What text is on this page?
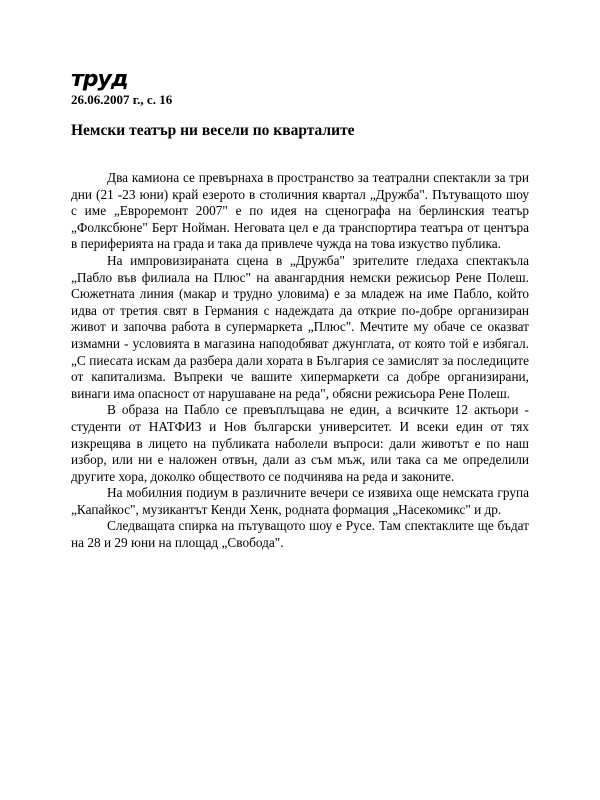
труд
26.06.2007 г., с. 16
Немски театър ни весели по кварталите

Два камиона се превърнаха в пространство за театрални спектакли за три дни (21 -23 юни) край езерото в столичния квартал „Дружба". Пътуващото шоу с име „Евроремонт 2007" е по идея на сценографа на берлинския театър „Фолксбюне" Берт Нойман. Неговата цел е да транспортира театъра от центъра в периферията на града и така да привлече чужда на това изкуство публика.

На импровизираната сцена в „Дружба" зрителите гледаха спектакъла „Пабло във филиала на Плюс" на авангардния немски режисьор Рене Полеш. Сюжетната линия (макар и трудно уловима) е за младеж на име Пабло, който идва от третия свят в Германия с надеждата да открие по-добре организиран живот и започва работа в супермаркета „Плюс". Мечтите му обаче се оказват измамни - условията в магазина наподобяват джунглата, от която той е избягал. „С пиесата искам да разбера дали хората в България се замислят за последиците от капитализма. Въпреки че вашите хипермаркети са добре организирани, винаги има опасност от нарушаване на реда", обясни режисьора Рене Полеш.

В образа на Пабло се превъплъщава не един, а всичките 12 актьори - студенти от НАТФИЗ и Нов български университет. И всеки един от тях изкрещява в лицето на публиката наболели въпроси: дали животът е по наш избор, или ни е наложен отвън, дали аз съм мъж, или така са ме определили другите хора, доколко обществото се подчинява на реда и законите.

На мобилния подиум в различните вечери се изявиха още немската група „Капайкос", музикантът Кенди Хенк, родната формация „Насекомикс" и др.

Следващата спирка на пътуващото шоу е Русе. Там спектаклите ще бъдат на 28 и 29 юни на площад „Свобода".
